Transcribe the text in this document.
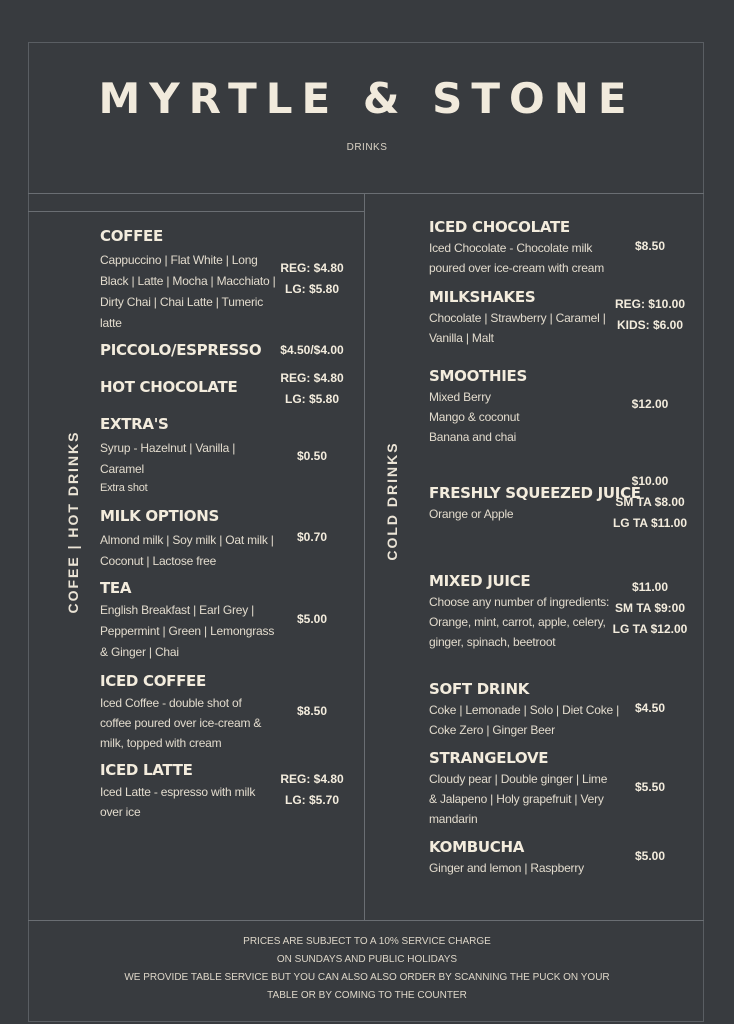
MYRTLE & STONE
DRINKS
COFEE | HOT DRINKS	COLD DRINKS
COFFEE
Cappuccino | Flat White | Long
Black | Latte | Mocha | Macchiato |
Dirty Chai | Chai Latte | Tumeric
latte
REG: $4.80
LG: $5.80
PICCOLO/ESPRESSO	$4.50/$4.00
HOT CHOCOLATE	REG: $4.80
LG: $5.80
EXTRA'S
Syrup - Hazelnut | Vanilla |
Caramel
Extra shot
$0.50
MILK OPTIONS
Almond milk | Soy milk | Oat milk |
Coconut | Lactose free
$0.70
TEA
English Breakfast | Earl Grey |
Peppermint | Green | Lemongrass
& Ginger | Chai
$5.00
ICED COFFEE
Iced Coffee - double shot of
coffee poured over ice-cream &
milk, topped with cream
$8.50
ICED LATTE
Iced Latte - espresso with milk
over ice
REG: $4.80
LG: $5.70
ICED CHOCOLATE
Iced Chocolate - Chocolate milk
poured over ice-cream with cream
$8.50
MILKSHAKES
Chocolate | Strawberry | Caramel |
Vanilla | Malt
REG: $10.00
KIDS: $6.00
SMOOTHIES
Mixed Berry
Mango & coconut
Banana and chai
$12.00
FRESHLY SQUEEZED JUICE
Orange or Apple
$10.00
SM TA $8.00
LG TA $11.00
MIXED JUICE
Choose any number of ingredients:
Orange, mint, carrot, apple, celery,
ginger, spinach, beetroot
$11.00
SM TA $9:00
LG TA $12.00
SOFT DRINK
Coke | Lemonade | Solo | Diet Coke |
Coke Zero | Ginger Beer
$4.50
STRANGELOVE
Cloudy pear | Double ginger | Lime
& Jalapeno | Holy grapefruit | Very
mandarin
$5.50
KOMBUCHA
Ginger and lemon | Raspberry
$5.00
PRICES ARE SUBJECT TO A 10% SERVICE CHARGE
ON SUNDAYS AND PUBLIC HOLIDAYS
WE PROVIDE TABLE SERVICE BUT YOU CAN ALSO ALSO ORDER BY SCANNING THE PUCK ON YOUR
TABLE OR BY COMING TO THE COUNTER
